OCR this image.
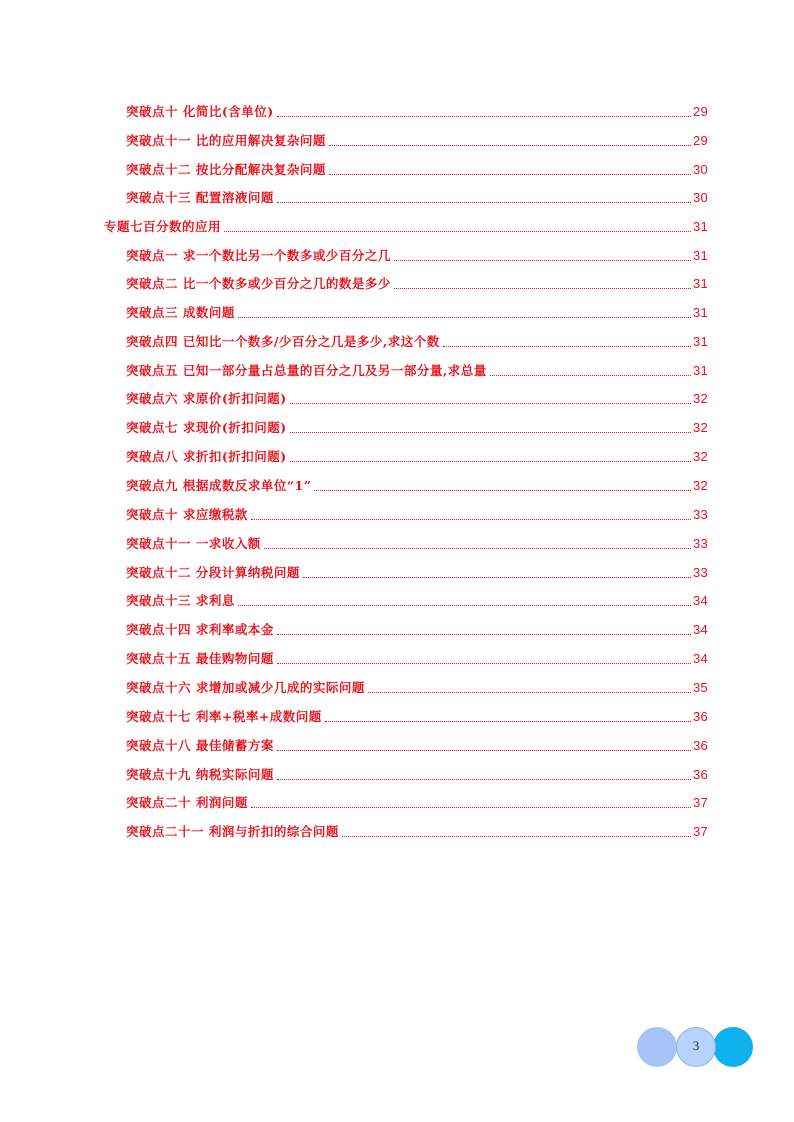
突破点十 化简比(含单位)	29
突破点十一 比的应用解决复杂问题	29
突破点十二 按比分配解决复杂问题	30
突破点十三 配置溶液问题	30
专题七百分数的应用	31
突破点一 求一个数比另一个数多或少百分之几	31
突破点二 比一个数多或少百分之几的数是多少	31
突破点三 成数问题	31
突破点四 已知比一个数多/少百分之几是多少,求这个数	31
突破点五 已知一部分量占总量的百分之几及另一部分量,求总量	31
突破点六 求原价(折扣问题)	32
突破点七 求现价(折扣问题)	32
突破点八 求折扣(折扣问题)	32
突破点九 根据成数反求单位“1”	32
突破点十 求应缴税款	33
突破点十一 一求收入额	33
突破点十二 分段计算纳税问题	33
突破点十三 求利息	34
突破点十四 求利率或本金	34
突破点十五 最佳购物问题	34
突破点十六 求增加或减少几成的实际问题	35
突破点十七 利率+税率+成数问题	36
突破点十八 最佳储蓄方案	36
突破点十九 纳税实际问题	36
突破点二十 利润问题	37
突破点二十一 利润与折扣的综合问题	37
3
